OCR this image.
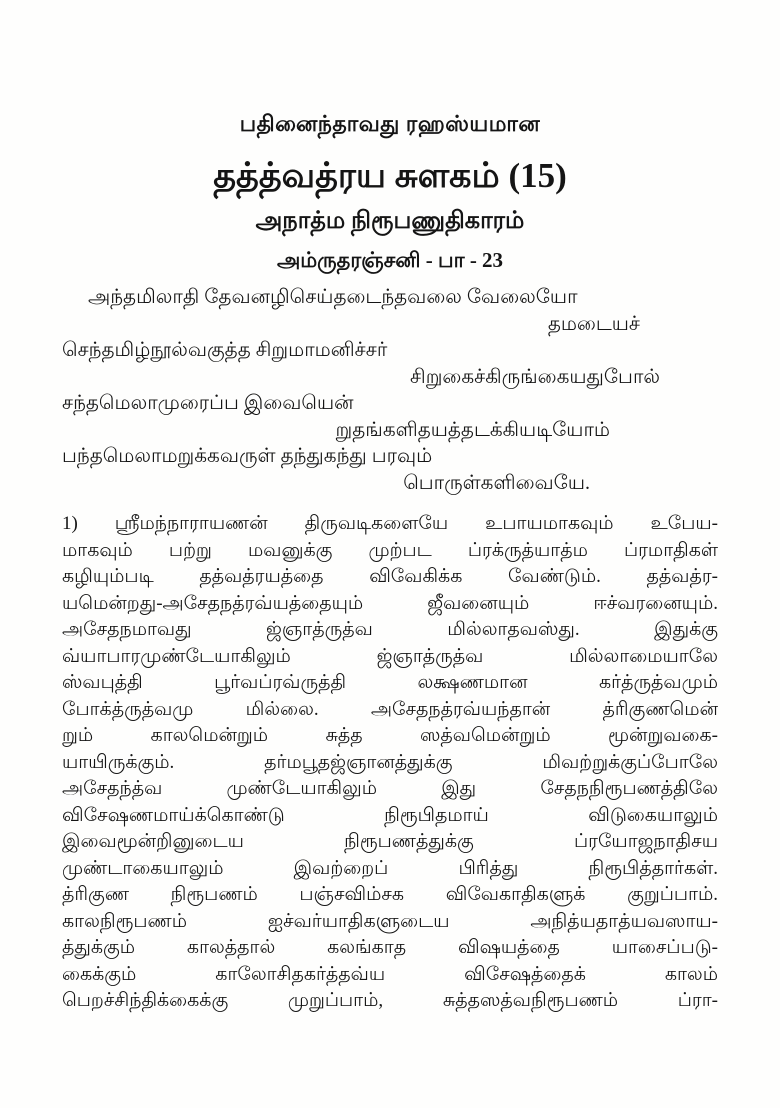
பதினைந்தாவது ரஹஸ்யமான
தத்த்வத்ரய சுளகம் (15)
அநாத்ம நிரூபணுதிகாரம்
அம்ருதரஞ்சனி - பா - 23
அந்தமிலாதி தேவனழிசெய்தடைந்தவலை வேலையோ
தமடையச்
செந்தமிழ்நூல்வகுத்த சிறுமாமனிச்சர்
சிறுகைச்கிருங்கையதுபோல்
சந்தமெலாமுரைப்ப இவையென்
றுதங்களிதயத்தடக்கியடியோம்
பந்தமெலாமறுக்கவருள் தந்துகந்து பரவும்
பொருள்களிவையே.
1) ஸ்ரீமந்நாராயணன் திருவடிகளையே உபாயமாகவும் உபேய-
மாகவும் பற்று மவனுக்கு முற்பட ப்ரக்ருத்யாத்ம ப்ரமாதிகள்
கழியும்படி தத்வத்ரயத்தை விவேகிக்க வேண்டும். தத்வத்ர-
யமென்றது-அசேதநத்ரவ்யத்தையும் ஜீவனையும் ஈச்வரனையும்.
அசேதநமாவது ஜ்ஞாத்ருத்வ மில்லாதவஸ்து. இதுக்கு
வ்யாபாரமுண்டேயாகிலும் ஜ்ஞாத்ருத்வ மில்லாமையாலே
ஸ்வபுத்தி பூர்வப்ரவ்ருத்தி லக்ஷணமான கர்த்ருத்வமும்
போக்த்ருத்வமு மில்லை. அசேதநத்ரவ்யந்தான் த்ரிகுணமென்
றும் காலமென்றும் சுத்த ஸத்வமென்றும் மூன்றுவகை-
யாயிருக்கும். தர்மபூதஜ்ஞானத்துக்கு மிவற்றுக்குப்போலே
அசேதந்த்வ முண்டேயாகிலும் இது சேதநநிரூபணத்திலே
விசேஷணமாய்க்கொண்டு நிரூபிதமாய் விடுகையாலும்
இவைமூன்றினுடைய நிரூபணத்துக்கு ப்ரயோஜநாதிசய
முண்டாகையாலும் இவற்றைப் பிரித்து நிரூபித்தார்கள்.
த்ரிகுண நிரூபணம் பஞ்சவிம்சக விவேகாதிகளுக் குறுப்பாம்.
காலநிரூபணம் ஐச்வர்யாதிகளுடைய அநித்யதாத்யவஸாய-
த்துக்கும் காலத்தால் கலங்காத விஷயத்தை யாசைப்படு-
கைக்கும் காலோசிதகர்த்தவ்ய விசேஷத்தைக் காலம்
பெறச்சிந்திக்கைக்கு முறுப்பாம், சுத்தஸத்வநிரூபணம் ப்ரா-
